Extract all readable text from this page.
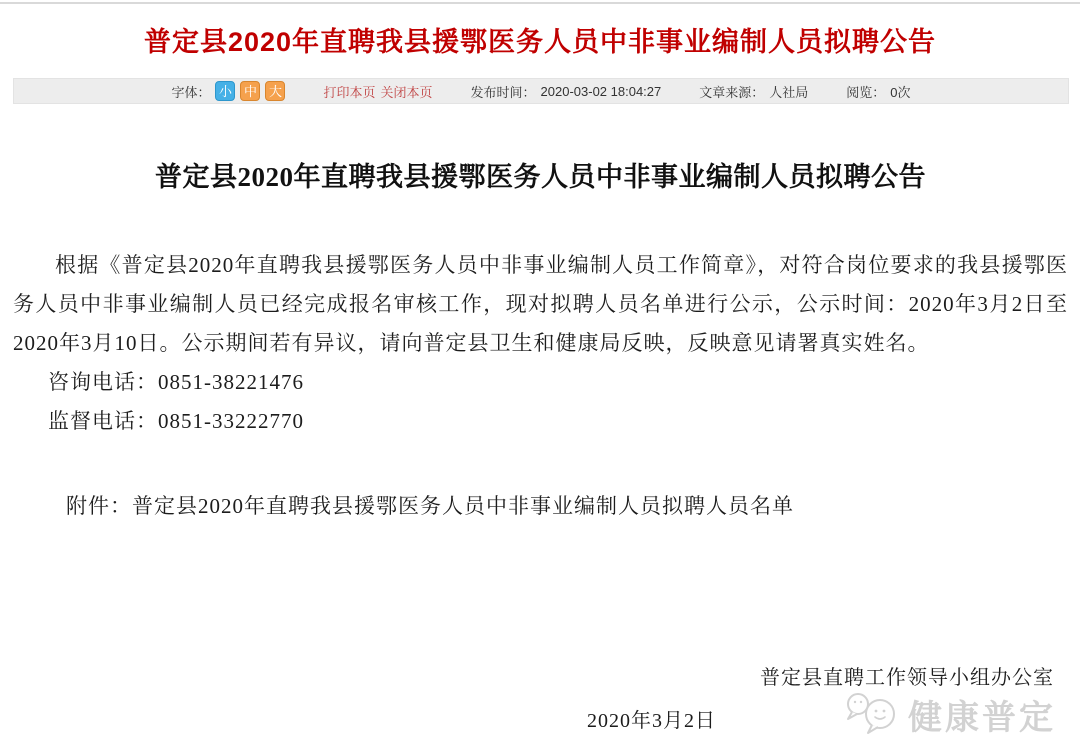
普定县2020年直聘我县援鄂医务人员中非事业编制人员拟聘公告
字体： 小 中 大	打印本页 关闭本页	发布时间： 2020-03-02 18:04:27	文章来源： 人社局	阅览： 0次
普定县2020年直聘我县援鄂医务人员中非事业编制人员拟聘公告

根据《普定县2020年直聘我县援鄂医务人员中非事业编制人员工作简章》，对符合岗位要求的我县援鄂医务人员中非事业编制人员已经完成报名审核工作，现对拟聘人员名单进行公示，公示时间：2020年3月2日至2020年3月10日。公示期间若有异议，请向普定县卫生和健康局反映，反映意见请署真实姓名。

咨询电话：0851-38221476

监督电话：0851-33222770

附件：普定县2020年直聘我县援鄂医务人员中非事业编制人员拟聘人员名单

普定县直聘工作领导小组办公室

2020年3月2日	健康普定
